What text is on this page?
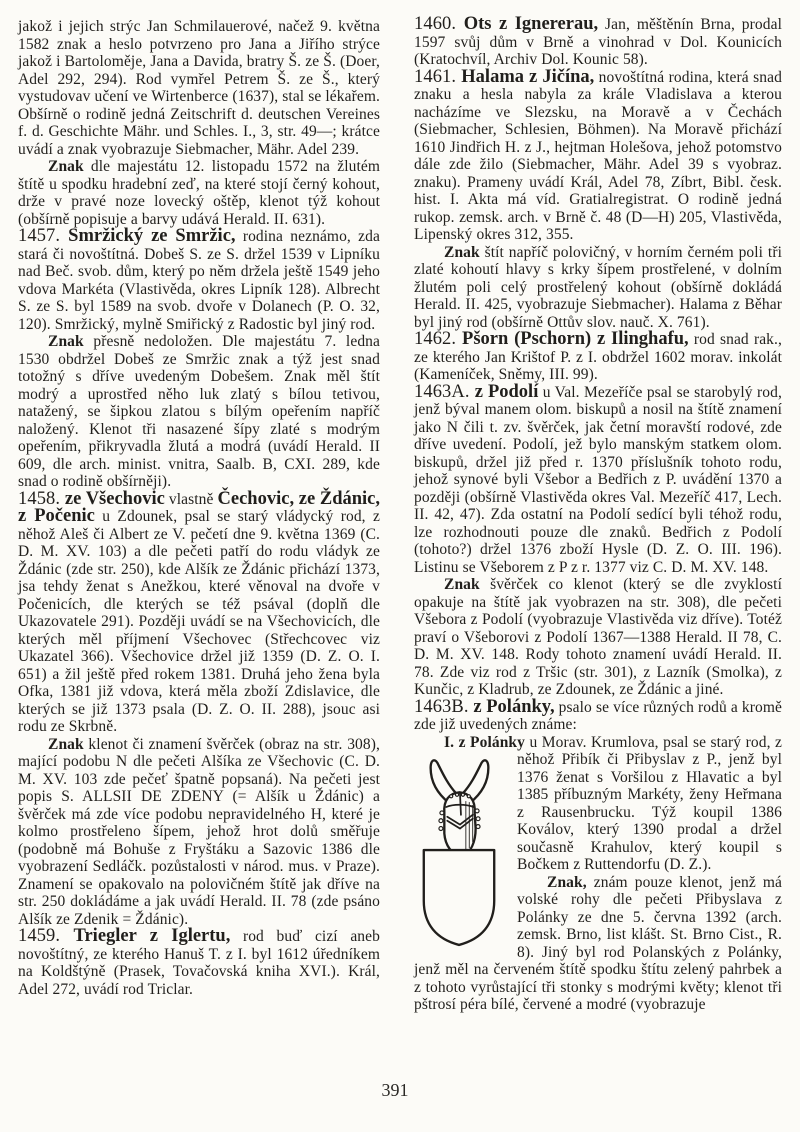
jakož i jejich strýc Jan Schmilauerové, načež 9. května 1582 znak a heslo potvrzeno pro Jana a Jiřího strýce jakož i Bartoloměje, Jana a Davida, bratry Š. ze Š. (Doer, Adel 292, 294). Rod vymřel Petrem Š. ze Š., který vystudovav učení ve Wirtenberce (1637), stal se lékařem. Obšírně o rodině jedná Zeitschrift d. deutschen Vereines f. d. Geschichte Mähr. und Schles. I., 3, str. 49—; krátce uvádí a znak vyobrazuje Siebmacher, Mähr. Adel 239.

Znak dle majestátu 12. listopadu 1572 na žlutém štítě u spodku hradební zeď, na které stojí černý kohout, drže v pravé noze lovecký oštěp, klenot týž kohout (obšírně popisuje a barvy udává Herald. II. 631).

1457. Smržický ze Smržic, rodina neznámo, zda stará či novoštítná. Dobeš S. ze S. držel 1539 v Lipníku nad Beč. svob. dům, který po něm držela ještě 1549 jeho vdova Markéta (Vlastivěda, okres Lipník 128). Albrecht S. ze S. byl 1589 na svob. dvoře v Dolanech (P. O. 32, 120). Smržický, mylně Smiřický z Radostic byl jiný rod.

Znak přesně nedoložen. Dle majestátu 7. ledna 1530 obdržel Dobeš ze Smržic znak a týž jest snad totožný s dříve uvedeným Dobešem. Znak měl štít modrý a uprostřed něho luk zlatý s bílou tetivou, natažený, se šipkou zlatou s bílým opeřením napříč naložený. Klenot tři nasazené šípy zlaté s modrým opeřením, přikryvadla žlutá a modrá (uvádí Herald. II 609, dle arch. minist. vnitra, Saalb. B, CXI. 289, kde snad o rodině obšírněji).

1458. ze Všechovic vlastně Čechovic, ze Ždánic, z Počenic u Zdounek, psal se starý vládycký rod, z něhož Aleš či Albert ze V. pečetí dne 9. května 1369 (C. D. M. XV. 103) a dle pečeti patří do rodu vládyk ze Ždánic (zde str. 250), kde Alšík ze Ždánic přichází 1373, jsa tehdy ženat s Anežkou, které věnoval na dvoře v Počenicích, dle kterých se též psával (doplň dle Ukazovatele 291). Později uvádí se na Všechovicích, dle kterých měl příjmení Všechovec (Střechcovec viz Ukazatel 366). Všechovice držel již 1359 (D. Z. O. I. 651) a žil ještě před rokem 1381. Druhá jeho žena byla Ofka, 1381 již vdova, která měla zboží Zdislavice, dle kterých se již 1373 psala (D. Z. O. II. 288), jsouc asi rodu ze Skrbně.

Znak klenot či znamení švěrček (obraz na str. 308), mající podobu N dle pečeti Alšíka ze Všechovic (C. D. M. XV. 103 zde pečeť špatně popsaná). Na pečeti jest popis S. ALLSII DE ZDENY (= Alšík u Ždánic) a švěrček má zde více podobu nepravidelného H, které je kolmo prostřeleno šípem, jehož hrot dolů směřuje (podobně má Bohuše z Fryštáku a Sazovic 1386 dle vyobrazení Sedláčk. pozůstalosti v národ. mus. v Praze). Znamení se opakovalo na polovičném štítě jak dříve na str. 250 dokládáme a jak uvádí Herald. II. 78 (zde psáno Alšík ze Zdenik = Ždánic).

1459. Triegler z Iglertu, rod buď cizí aneb novoštítný, ze kterého Hanuš T. z I. byl 1612 úředníkem na Koldštýně (Prasek, Tovačovská kniha XVI.). Král, Adel 272, uvádí rod Triclar.

1460. Ots z Ignererau, Jan, měštěnín Brna, prodal 1597 svůj dům v Brně a vinohrad v Dol. Kounicích (Kratochvíl, Archiv Dol. Kounic 58).

1461. Halama z Jičína, novoštítná rodina, která snad znaku a hesla nabyla za krále Vladislava a kterou nacházíme ve Slezsku, na Moravě a v Čechách (Siebmacher, Schlesien, Böhmen). Na Moravě přichází 1610 Jindřich H. z J., hejtman Holešova, jehož potomstvo dále zde žilo (Siebmacher, Mähr. Adel 39 s vyobraz. znaku). Prameny uvádí Král, Adel 78, Zíbrt, Bibl. česk. hist. I. Akta má víd. Gratialregistrat. O rodině jedná rukop. zemsk. arch. v Brně č. 48 (D—H) 205, Vlastivěda, Lipenský okres 312, 355.

Znak štít napříč polovičný, v horním černém poli tři zlaté kohoutí hlavy s krky šípem prostřelené, v dolním žlutém poli celý prostřelený kohout (obšírně dokládá Herald. II. 425, vyobrazuje Siebmacher). Halama z Běhar byl jiný rod (obšírně Ottův slov. nauč. X. 761).

1462. Pšorn (Pschorn) z Ilinghafu, rod snad rak., ze kterého Jan Krištof P. z I. obdržel 1602 morav. inkolát (Kameníček, Sněmy, III. 99).

1463A. z Podolí u Val. Mezeříče psal se starobylý rod, jenž býval manem olom. biskupů a nosil na štítě znamení jako N čili t. zv. švěrček, jak četní moravští rodové, zde dříve uvedení. Podolí, jež bylo manským statkem olom. biskupů, držel již před r. 1370 příslušník tohoto rodu, jehož synové byli Všebor a Bedřich z P. uvádění 1370 a později (obšírně Vlastivěda okres Val. Mezeříč 417, Lech. II. 42, 47). Zda ostatní na Podolí sedící byli téhož rodu, lze rozhodnouti pouze dle znaků. Bedřich z Podolí (tohoto?) držel 1376 zboží Hysle (D. Z. O. III. 196). Listinu se Všeborem z P z r. 1377 viz C. D. M. XV. 148.

Znak švěrček co klenot (který se dle zvyklostí opakuje na štítě jak vyobrazen na str. 308), dle pečeti Všebora z Podolí (vyobrazuje Vlastivěda viz dříve). Totéž praví o Všeborovi z Podolí 1367—1388 Herald. II 78, C. D. M. XV. 148. Rody tohoto znamení uvádí Herald. II. 78. Zde viz rod z Tršic (str. 301), z Lazník (Smolka), z Kunčic, z Kladrub, ze Zdounek, ze Ždánic a jiné.

1463B. z Polánky, psalo se více různých rodů a kromě zde již uvedených známe:

I. z Polánky u Morav. Krumlova, psal se starý
rod, z něhož Přibík či Přibyslav z P., jenž byl 1376 ženat s Voršilou z Hlavatic a byl 1385 příbuzným Markéty, ženy Heřmana z Rausenbrucku. Týž koupil 1386 Koválov, který 1390 prodal a držel současně Krahulov, který koupil s Bočkem z Ruttendorfu (D. Z.).

Znak, znám pouze klenot, jenž má volské rohy dle pečeti Přibyslava z Polánky ze dne 5. června 1392 (arch. zemsk. Brno, list klášt. St. Brno Cist., R. 8). Jiný byl rod Polanských z Polánky, jenž měl na červeném štítě spodku štítu zelený pahrbek a z tohoto vyrůstající tři stonky s modrými květy; klenot tři pštrosí péra bílé, červené a modré (vyobrazuje

391
